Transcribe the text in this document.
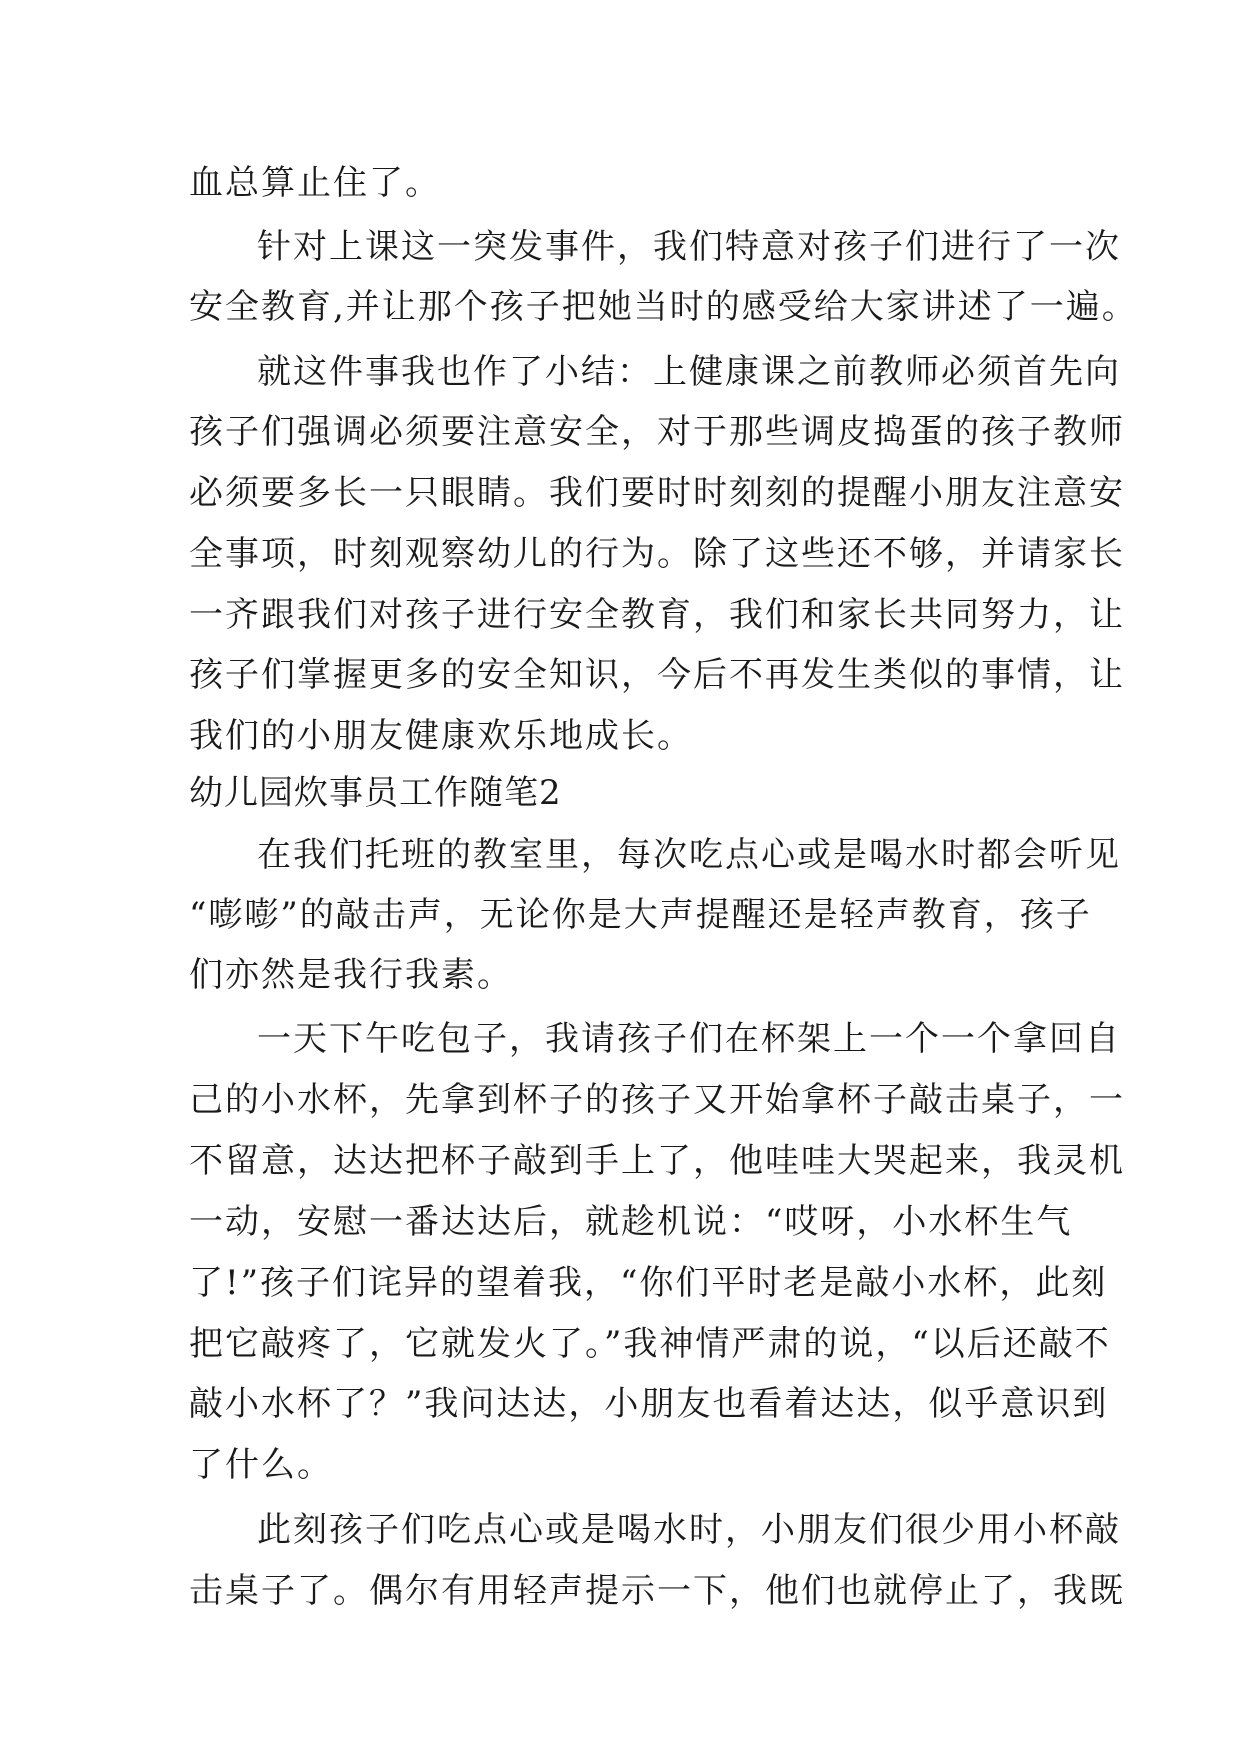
血总算止住了。
针对上课这一突发事件，我们特意对孩子们进行了一次
安全教育,并让那个孩子把她当时的感受给大家讲述了一遍。
就这件事我也作了小结：上健康课之前教师必须首先向
孩子们强调必须要注意安全，对于那些调皮捣蛋的孩子教师
必须要多长一只眼睛。我们要时时刻刻的提醒小朋友注意安
全事项，时刻观察幼儿的行为。除了这些还不够，并请家长
一齐跟我们对孩子进行安全教育，我们和家长共同努力，让
孩子们掌握更多的安全知识，今后不再发生类似的事情，让
我们的小朋友健康欢乐地成长。
幼儿园炊事员工作随笔2
在我们托班的教室里，每次吃点心或是喝水时都会听见
“嘭嘭”的敲击声，无论你是大声提醒还是轻声教育，孩子
们亦然是我行我素。
一天下午吃包子，我请孩子们在杯架上一个一个拿回自
己的小水杯，先拿到杯子的孩子又开始拿杯子敲击桌子，一
不留意，达达把杯子敲到手上了，他哇哇大哭起来，我灵机
一动，安慰一番达达后，就趁机说：“哎呀，小水杯生气
了!”孩子们诧异的望着我，“你们平时老是敲小水杯，此刻
把它敲疼了，它就发火了。”我神情严肃的说，“以后还敲不
敲小水杯了？”我问达达，小朋友也看着达达，似乎意识到
了什么。
此刻孩子们吃点心或是喝水时，小朋友们很少用小杯敲
击桌子了。偶尔有用轻声提示一下，他们也就停止了，我既
